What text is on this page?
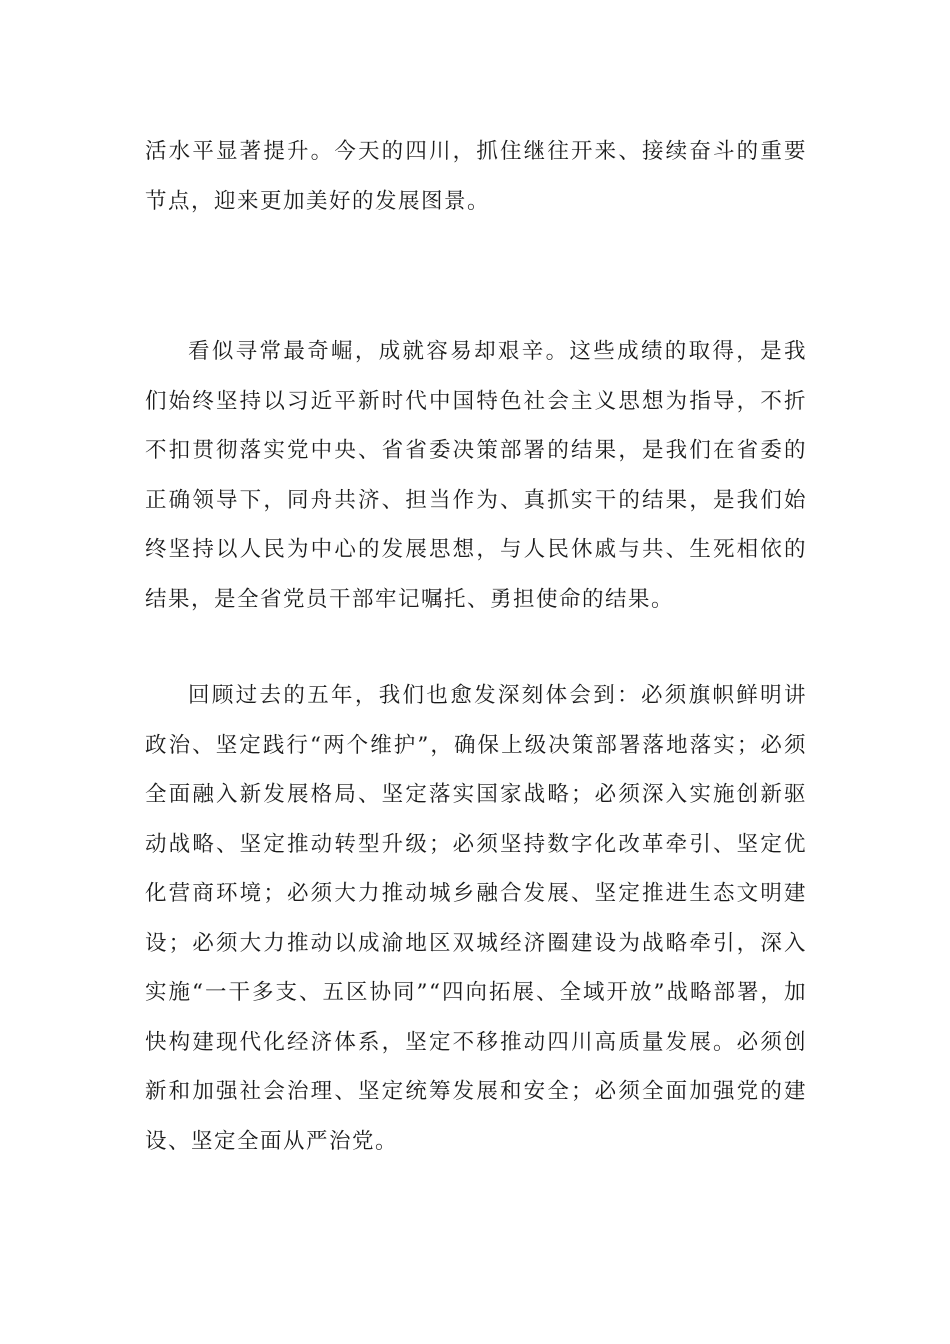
活水平显著提升。今天的四川，抓住继往开来、接续奋斗的重要节点，迎来更加美好的发展图景。

看似寻常最奇崛，成就容易却艰辛。这些成绩的取得，是我们始终坚持以习近平新时代中国特色社会主义思想为指导，不折不扣贯彻落实党中央、省省委决策部署的结果，是我们在省委的正确领导下，同舟共济、担当作为、真抓实干的结果，是我们始终坚持以人民为中心的发展思想，与人民休戚与共、生死相依的结果，是全省党员干部牢记嘱托、勇担使命的结果。

回顾过去的五年，我们也愈发深刻体会到：必须旗帜鲜明讲政治、坚定践行“两个维护”，确保上级决策部署落地落实；必须全面融入新发展格局、坚定落实国家战略；必须深入实施创新驱动战略、坚定推动转型升级；必须坚持数字化改革牵引、坚定优化营商环境；必须大力推动城乡融合发展、坚定推进生态文明建设；必须大力推动以成渝地区双城经济圈建设为战略牵引，深入实施“一干多支、五区协同”“四向拓展、全域开放”战略部署，加快构建现代化经济体系，坚定不移推动四川高质量发展。必须创新和加强社会治理、坚定统筹发展和安全；必须全面加强党的建设、坚定全面从严治党。
